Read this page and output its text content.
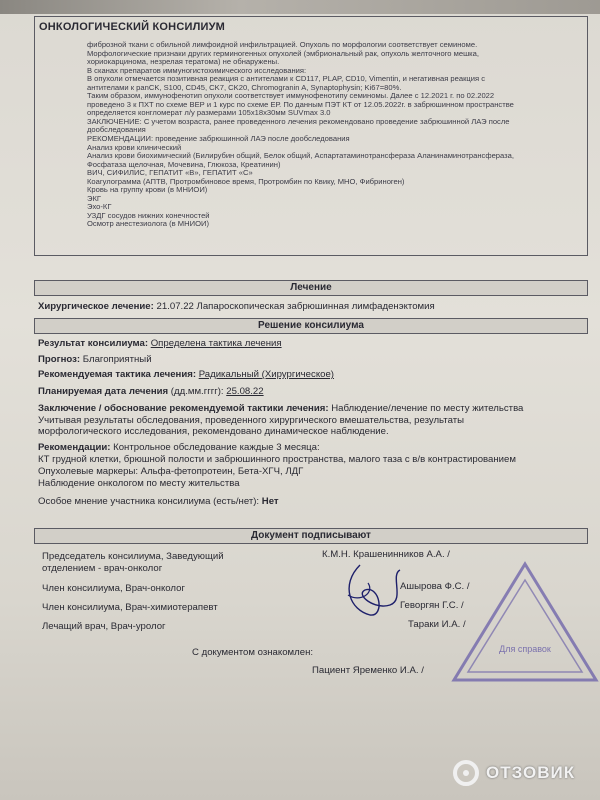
ОНКОЛОГИЧЕСКИЙ КОНСИЛИУМ
фиброзной ткани с обильной лимфоидной инфильтрацией. Опухоль по морфологии соответствует семиноме.
Морфологические признаки других герминогенных опухолей (эмбриональный рак, опухоль желточного мешка,
хориокарцинома, незрелая тератома) не обнаружены.
В сканах препаратов иммуногистохимического исследования:
В опухоли отмечается позитивная реакция с антителами к CD117, PLAP, CD10, Vimentin, и негативная реакция с
антителами к panCK, S100, CD45, CK7, CK20, Chromogranin A, Synaptophysin; Ki67=80%.
Таким образом, иммунофенотип опухоли соответствует иммунофенотипу семиномы. Далее с 12.2021 г. по 02.2022
проведено 3 к ПХТ по схеме ВЕР и 1 курс по схеме ЕР. По данным ПЭТ КТ от 12.05.2022г. в забрюшинном пространстве
определяется конгломерат л/у размерами 105х18х30мм SUVmax 3.0
ЗАКЛЮЧЕНИЕ: С учетом возраста, ранее проведенного лечения рекомендовано проведение забрюшинной ЛАЭ после
дообследования
РЕКОМЕНДАЦИИ: проведение забрюшинной ЛАЭ после дообследования
Анализ крови клинический
Анализ крови биохимический (Билирубин общий, Белок общий, Аспартатаминотрансфераза Аланинаминотрансфераза,
Фосфатаза щелочная, Мочевина, Глюкоза, Креатинин)
ВИЧ, СИФИЛИС, ГЕПАТИТ «В», ГЕПАТИТ «С»
Коагулограмма (АПТВ, Протромбиновое время, Протромбин по Квику, МНО, Фибриноген)
Кровь на группу крови (в МНИОИ)
ЭКГ
Эхо-КГ
УЗДГ сосудов нижних конечностей
Осмотр анестезиолога (в МНИОИ)
Лечение
Хирургическое лечение: 21.07.22 Лапароскопическая забрюшинная лимфаденэктомия
Решение консилиума
Результат консилиума: Определена тактика лечения
Прогноз: Благоприятный
Рекомендуемая тактика лечения: Радикальный (Хирургическое)
Планируемая дата лечения (дд.мм.гггг): 25.08.22
Заключение / обоснование рекомендуемой тактики лечения: Наблюдение/лечение по месту жительства
Учитывая результаты обследования, проведенного хирургического вмешательства, результаты
морфологического исследования, рекомендовано динамическое наблюдение.
Рекомендации: Контрольное обследование каждые 3 месяца:
КТ грудной клетки, брюшной полости и забрюшинного пространства, малого таза с в/в контрастированием
Опухолевые маркеры: Альфа-фетопротеин, Бета-ХГЧ, ЛДГ
Наблюдение онкологом по месту жительства
Особое мнение участника консилиума (есть/нет): Нет
Документ подписывают
Председатель консилиума, Заведующий
отделением - врач-онколог
Член консилиума, Врач-онколог
Член консилиума, Врач-химиотерапевт
Лечащий врач, Врач-уролог
К.М.Н. Крашенинников А.А. /
Ашырова Ф.С. /
Геворгян Г.С. /
Тараки И.А. /
С документом ознакомлен:
Пациент Яременко И.А. /
Для справок
ОТЗОВИК
